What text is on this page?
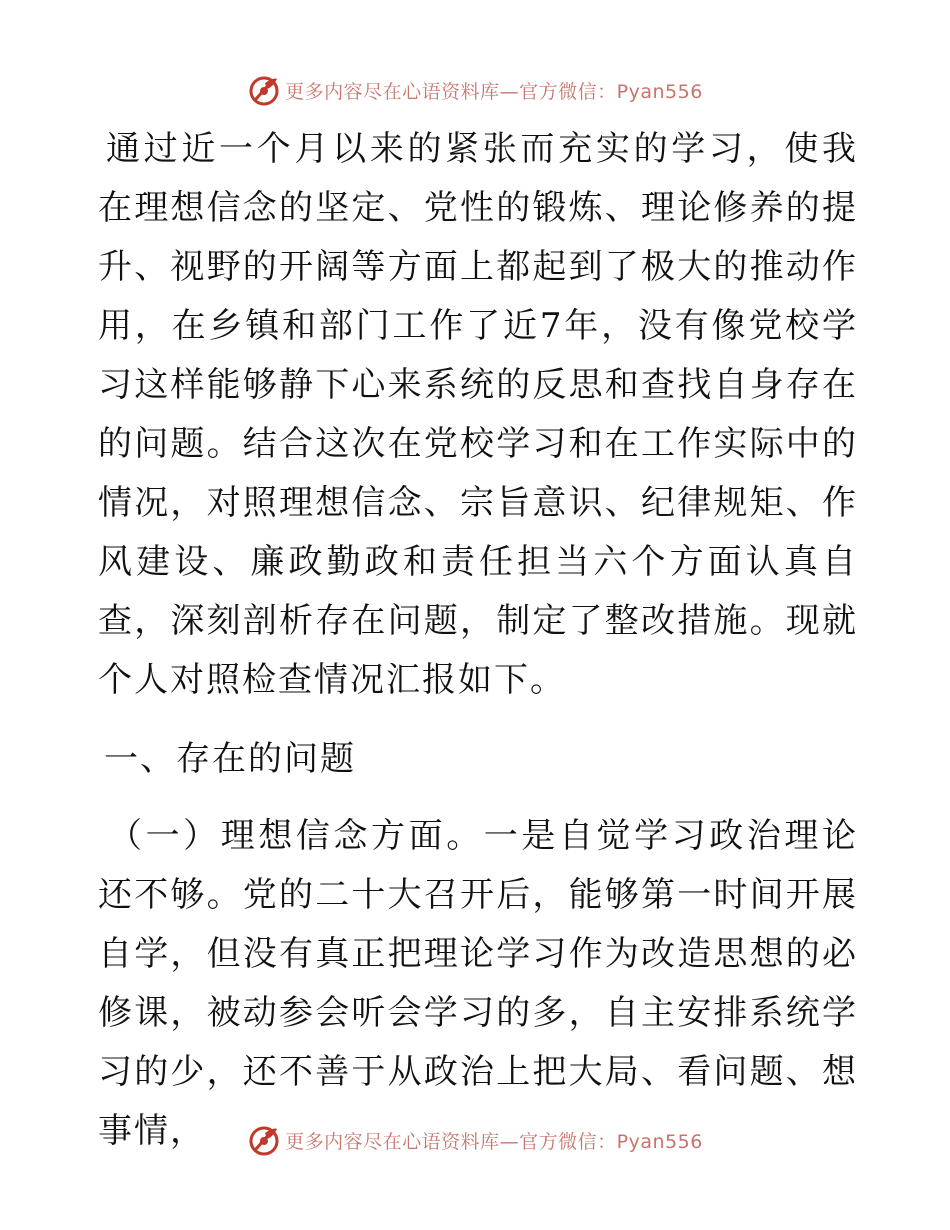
更多内容尽在心语资料库—官方微信：Pyan556

通过近一个月以来的紧张而充实的学习，使我在理想信念的坚定、党性的锻炼、理论修养的提升、视野的开阔等方面上都起到了极大的推动作用，在乡镇和部门工作了近7年，没有像党校学习这样能够静下心来系统的反思和查找自身存在的问题。结合这次在党校学习和在工作实际中的情况，对照理想信念、宗旨意识、纪律规矩、作风建设、廉政勤政和责任担当六个方面认真自查，深刻剖析存在问题，制定了整改措施。现就个人对照检查情况汇报如下。

一、存在的问题

（一）理想信念方面。一是自觉学习政治理论还不够。党的二十大召开后，能够第一时间开展自学，但没有真正把理论学习作为改造思想的必修课，被动参会听会学习的多，自主安排系统学习的少，还不善于从政治上把大局、看问题、想事情，	更多内容尽在心语资料库—官方微信：Pyan556
